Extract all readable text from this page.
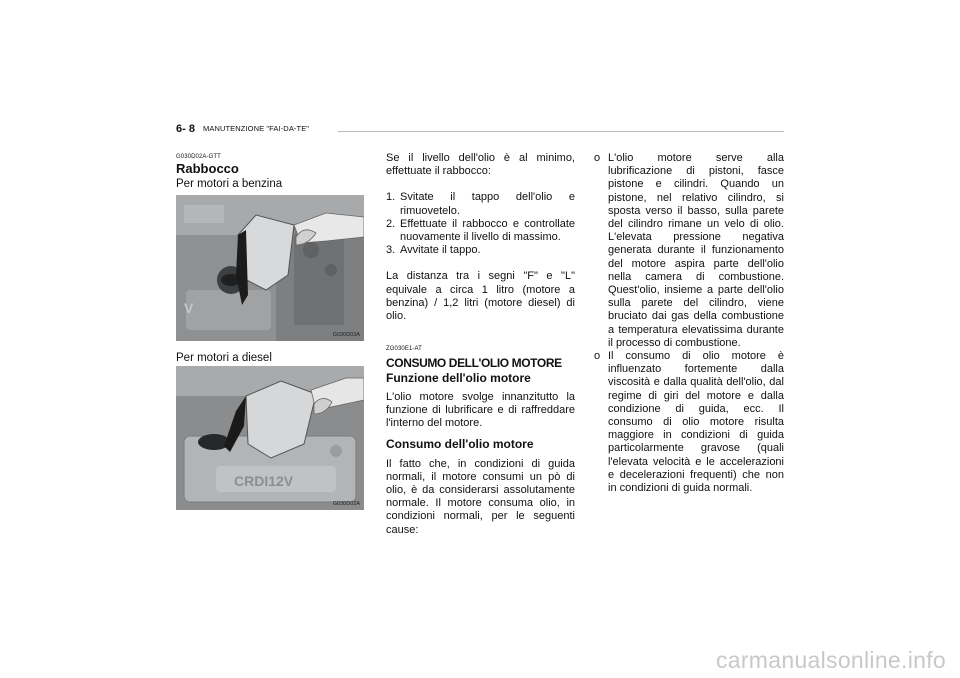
6- 8 MANUTENZIONE "FAI-DA-TE"
G030D02A-GTT
Rabbocco
Per motori a benzina
V
G030D03A
Per motori a diesel
CRDI12V
G030D02A

Se il livello dell'olio è al minimo, effettuate il rabbocco:

1. Svitate il tappo dell'olio e rimuovetelo.
2. Effettuate il rabbocco e controllate nuovamente il livello di massimo.
3. Avvitate il tappo.

La distanza tra i segni "F" e "L" equivale a circa 1 litro (motore a benzina) / 1,2 litri (motore diesel) di olio.

ZG030E1-AT
CONSUMO DELL'OLIO MOTORE
Funzione dell'olio motore

L'olio motore svolge innanzitutto la funzione di lubrificare e di raffreddare l'interno del motore.

Consumo dell'olio motore

Il fatto che, in condizioni di guida normali, il motore consumi un pò di olio, è da considerarsi assolutamente normale. Il motore consuma olio, in condizioni normali, per le seguenti cause:

o L'olio motore serve alla lubrificazione di pistoni, fasce pistone e cilindri. Quando un pistone, nel relativo cilindro, si sposta verso il basso, sulla parete del cilindro rimane un velo di olio. L'elevata pressione negativa generata durante il funzionamento del motore aspira parte dell'olio nella camera di combustione. Quest'olio, insieme a parte dell'olio sulla parete del cilindro, viene bruciato dai gas della combustione a temperatura elevatissima durante il processo di combustione.
o Il consumo di olio motore è influenzato fortemente dalla viscosità e dalla qualità dell'olio, dal regime di giri del motore e dalla condizione di guida, ecc. Il consumo di olio motore risulta maggiore in condizioni di guida particolarmente gravose (quali l'elevata velocità e le accelerazioni e decelerazioni frequenti) che non in condizioni di guida normali.
carmanualsonline.info
